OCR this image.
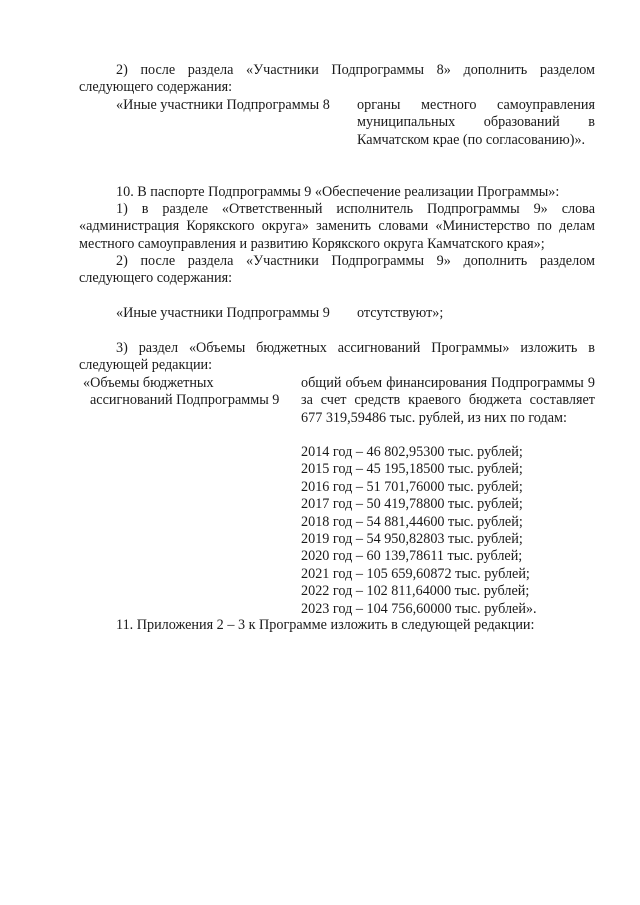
2) после раздела «Участники Подпрограммы 8» дополнить разделом следующего содержания:
«Иные участники Подпрограммы 8 органы местного самоуправления муниципальных образований в Камчатском крае (по согласованию)».
10. В паспорте Подпрограммы 9 «Обеспечение реализации Программы»:
1) в разделе «Ответственный исполнитель Подпрограммы 9» слова «администрация Корякского округа» заменить словами «Министерство по делам местного самоуправления и развитию Корякского округа Камчатского края»;
2) после раздела «Участники Подпрограммы 9» дополнить разделом следующего содержания:
«Иные участники Подпрограммы 9 отсутствуют»;
3) раздел «Объемы бюджетных ассигнований Программы» изложить в следующей редакции:
«Объемы бюджетных
ассигнований Подпрограммы 9
общий объем финансирования Подпрограммы 9 за счет средств краевого бюджета составляет 677 319,59486 тыс. рублей, из них по годам:
2014 год – 46 802,95300 тыс. рублей;
2015 год – 45 195,18500 тыс. рублей;
2016 год – 51 701,76000 тыс. рублей;
2017 год – 50 419,78800 тыс. рублей;
2018 год – 54 881,44600 тыс. рублей;
2019 год – 54 950,82803 тыс. рублей;
2020 год – 60 139,78611 тыс. рублей;
2021 год – 105 659,60872 тыс. рублей;
2022 год – 102 811,64000 тыс. рублей;
2023 год – 104 756,60000 тыс. рублей».
11. Приложения 2 – 3 к Программе изложить в следующей редакции:
